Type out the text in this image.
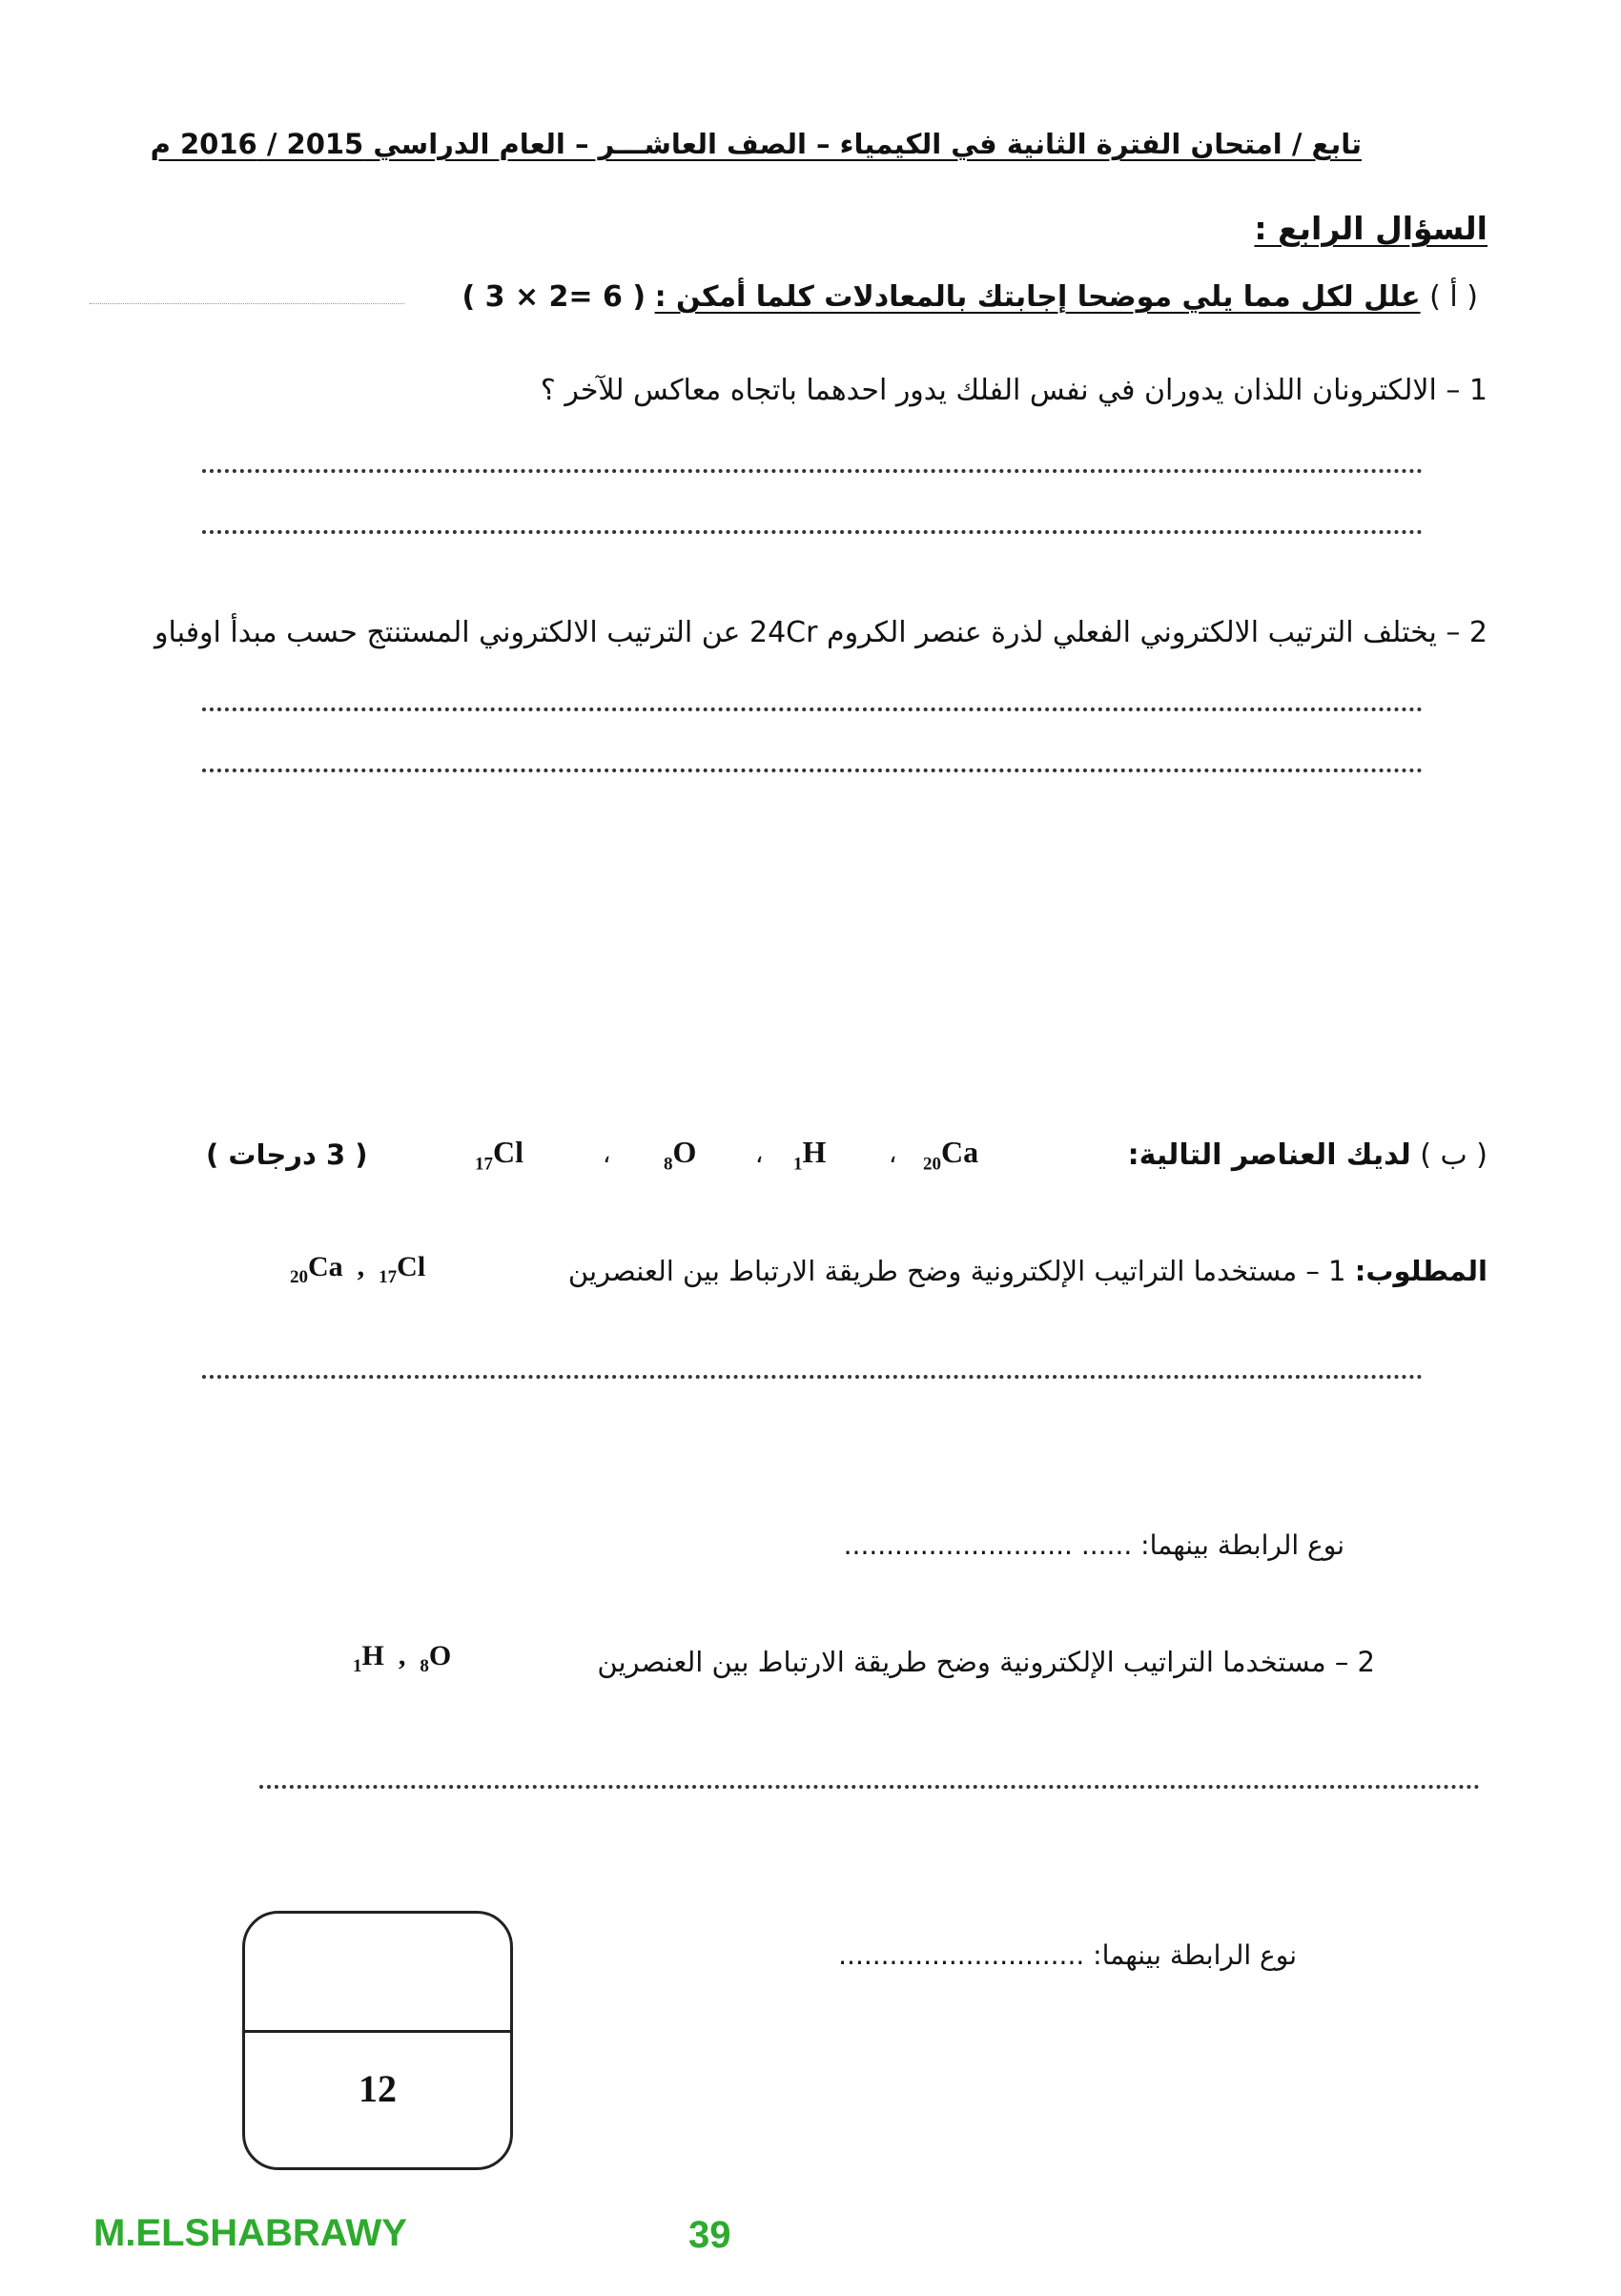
تابع / امتحان الفترة الثانية في الكيمياء – الصف العاشـــر – العام الدراسي 2015 / 2016 م
السؤال الرابع :
( أ ) علل لكل مما يلي موضحا إجابتك بالمعادلات كلما أمكن : ( 3 × 2= 6 )
1 – الالكترونان اللذان يدوران في نفس الفلك يدور احدهما باتجاه معاكس للآخر ؟
2 – يختلف الترتيب الالكتروني الفعلي لذرة عنصر الكروم 24Cr عن الترتيب الالكتروني المستنتج حسب مبدأ اوفباو
( ب ) لديك العناصر التالية:
$_{20}$Ca
،
$_1$H
،
$_8$O
،
$_{17}$Cl
( 3 درجات )
المطلوب: 1 – مستخدما التراتيب الإلكترونية وضح طريقة الارتباط بين العنصرين
$_{20}$Ca  ,  $_{17}$Cl
نوع الرابطة بينهما: ...... ...........................
2 – مستخدما التراتيب الإلكترونية وضح طريقة الارتباط بين العنصرين
$_1$H  ,  $_8$O
نوع الرابطة بينهما: .............................
12
M.ELSHABRAWY	39
